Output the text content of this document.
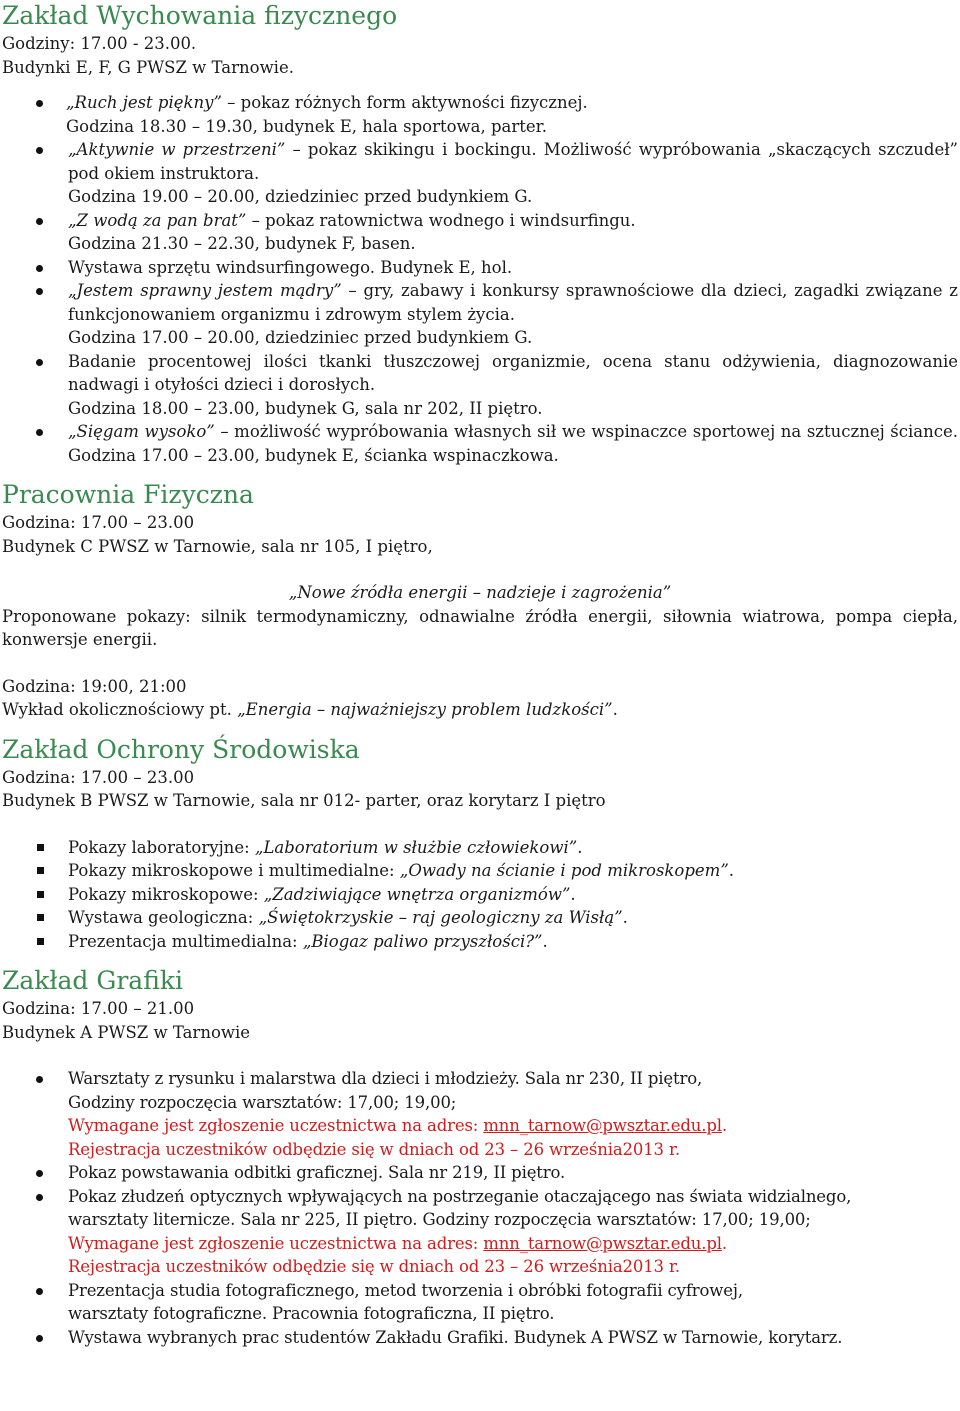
Zakład Wychowania fizycznego

Godziny: 17.00 - 23.00.

Budynki E, F, G PWSZ w Tarnowie.

„Ruch jest piękny” – pokaz różnych form aktywności fizycznej.
Godzina 18.30 – 19.30, budynek E, hala sportowa, parter.
„Aktywnie w przestrzeni” – pokaz skikingu i bockingu. Możliwość wypróbowania „skaczących szczudeł” pod okiem instruktora.
Godzina 19.00 – 20.00, dziedziniec przed budynkiem G.
„Z wodą za pan brat” – pokaz ratownictwa wodnego i windsurfingu.
Godzina 21.30 – 22.30, budynek F, basen.
Wystawa sprzętu windsurfingowego. Budynek E, hol.
„Jestem sprawny jestem mądry” – gry, zabawy i konkursy sprawnościowe dla dzieci, zagadki związane z funkcjonowaniem organizmu i zdrowym stylem życia.
Godzina 17.00 – 20.00, dziedziniec przed budynkiem G.
Badanie procentowej ilości tkanki tłuszczowej organizmie, ocena stanu odżywienia, diagnozowanie nadwagi i otyłości dzieci i dorosłych.
Godzina 18.00 – 23.00, budynek G, sala nr 202, II piętro.
„Sięgam wysoko” – możliwość wypróbowania własnych sił we wspinaczce sportowej na sztucznej ściance. Godzina 17.00 – 23.00, budynek E, ścianka wspinaczkowa.
Pracownia Fizyczna

Godzina: 17.00 – 23.00

Budynek C PWSZ w Tarnowie, sala nr 105, I piętro,

„Nowe źródła energii – nadzieje i zagrożenia”

Proponowane pokazy: silnik termodynamiczny, odnawialne źródła energii, siłownia wiatrowa, pompa ciepła, konwersje energii.

Godzina: 19:00, 21:00

Wykład okolicznościowy pt. „Energia – najważniejszy problem ludzkości”.

Zakład Ochrony Środowiska

Godzina: 17.00 – 23.00

Budynek B PWSZ w Tarnowie, sala nr 012- parter, oraz korytarz I piętro

Pokazy laboratoryjne: „Laboratorium w służbie człowiekowi”.
Pokazy mikroskopowe i multimedialne: „Owady na ścianie i pod mikroskopem”.
Pokazy mikroskopowe: „Zadziwiające wnętrza organizmów”.
Wystawa geologiczna: „Świętokrzyskie – raj geologiczny za Wisłą”.
Prezentacja multimedialna: „Biogaz paliwo przyszłości?”.
Zakład Grafiki

Godzina: 17.00 – 21.00

Budynek A PWSZ w Tarnowie

Warsztaty z rysunku i malarstwa dla dzieci i młodzieży. Sala nr 230, II piętro,
Godziny rozpoczęcia warsztatów: 17,00; 19,00;
Wymagane jest zgłoszenie uczestnictwa na adres: mnn_tarnow@pwsztar.edu.pl.
Rejestracja uczestników odbędzie się w dniach od 23 – 26 września2013 r.
Pokaz powstawania odbitki graficznej. Sala nr 219, II piętro.
Pokaz złudzeń optycznych wpływających na postrzeganie otaczającego nas świata widzialnego,
warsztaty liternicze. Sala nr 225, II piętro. Godziny rozpoczęcia warsztatów: 17,00; 19,00;
Wymagane jest zgłoszenie uczestnictwa na adres: mnn_tarnow@pwsztar.edu.pl.
Rejestracja uczestników odbędzie się w dniach od 23 – 26 września2013 r.
Prezentacja studia fotograficznego, metod tworzenia i obróbki fotografii cyfrowej,
warsztaty fotograficzne. Pracownia fotograficzna, II piętro.
Wystawa wybranych prac studentów Zakładu Grafiki. Budynek A PWSZ w Tarnowie, korytarz.
